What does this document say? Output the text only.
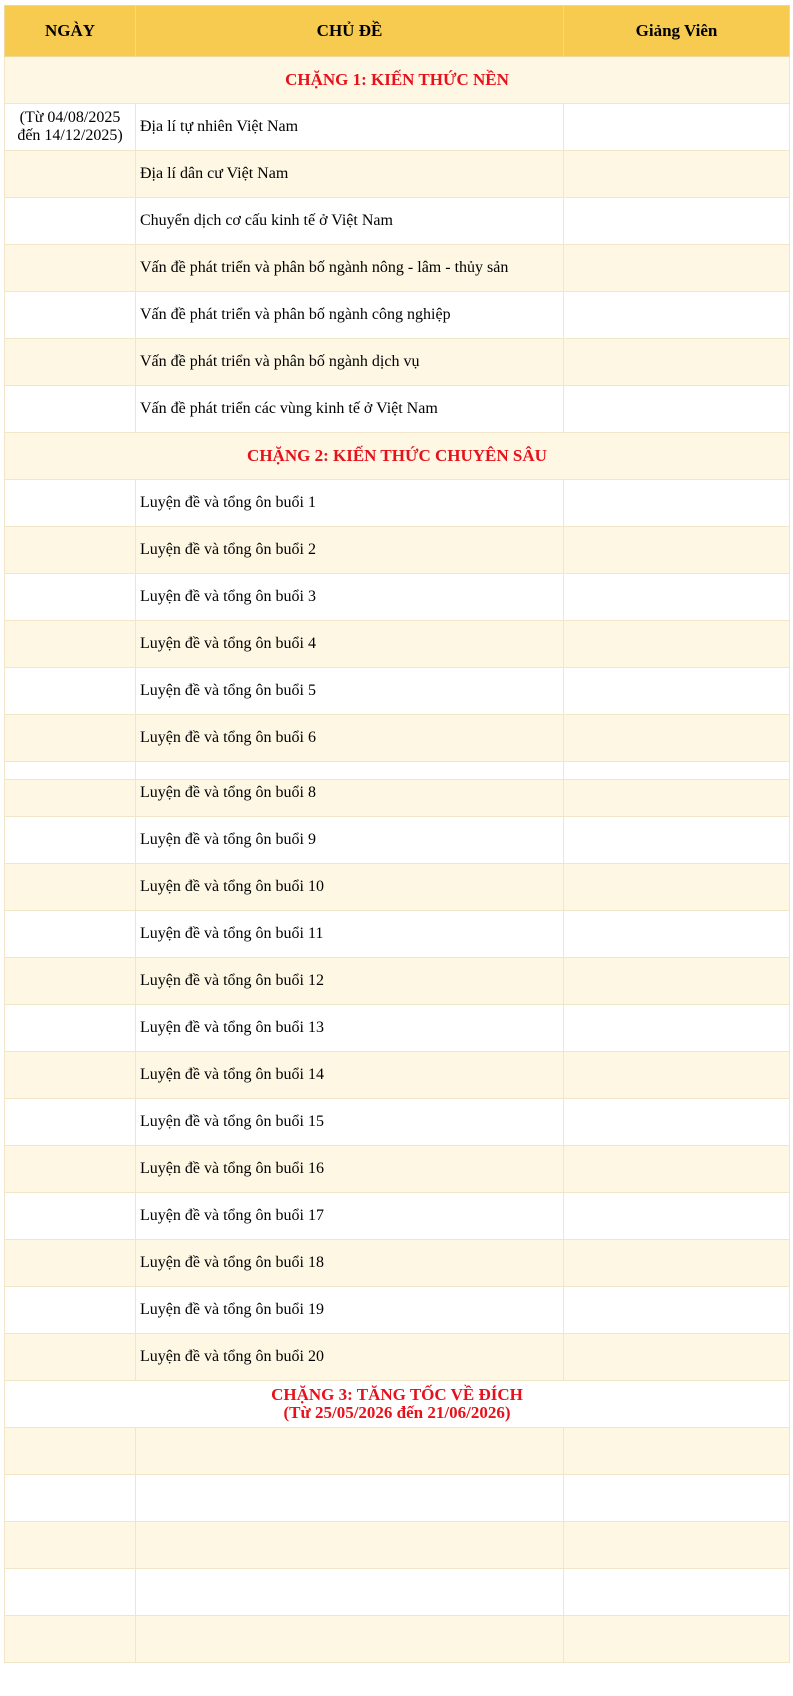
NGÀY	CHỦ ĐỀ	Giảng Viên
CHẶNG 1: KIẾN THỨC NỀN		
(Từ 04/08/2025
đến 14/12/2025)	Địa lí tự nhiên Việt Nam	
	Địa lí dân cư Việt Nam	
	Chuyển dịch cơ cấu kinh tế ở Việt Nam	
	Vấn đề phát triển và phân bố ngành nông - lâm - thủy sản	
	Vấn đề phát triển và phân bố ngành công nghiệp	
	Vấn đề phát triển và phân bố ngành dịch vụ	
	Vấn đề phát triển các vùng kinh tế ở Việt Nam	
CHẶNG 2: KIẾN THỨC CHUYÊN SÂU		
	Luyện đề và tổng ôn buổi 1	
	Luyện đề và tổng ôn buổi 2	
	Luyện đề và tổng ôn buổi 3	
	Luyện đề và tổng ôn buổi 4	
	Luyện đề và tổng ôn buổi 5	
	Luyện đề và tổng ôn buổi 6	

	Luyện đề và tổng ôn buổi 8	
	Luyện đề và tổng ôn buổi 9	
	Luyện đề và tổng ôn buổi 10	
	Luyện đề và tổng ôn buổi 11	
	Luyện đề và tổng ôn buổi 12	
	Luyện đề và tổng ôn buổi 13	
	Luyện đề và tổng ôn buổi 14	
	Luyện đề và tổng ôn buổi 15	
	Luyện đề và tổng ôn buổi 16	
	Luyện đề và tổng ôn buổi 17	
	Luyện đề và tổng ôn buổi 18	
	Luyện đề và tổng ôn buổi 19	
	Luyện đề và tổng ôn buổi 20	

CHẶNG 3: TĂNG TỐC VỀ ĐÍCH
(Từ 25/05/2026 đến 21/06/2026)		
